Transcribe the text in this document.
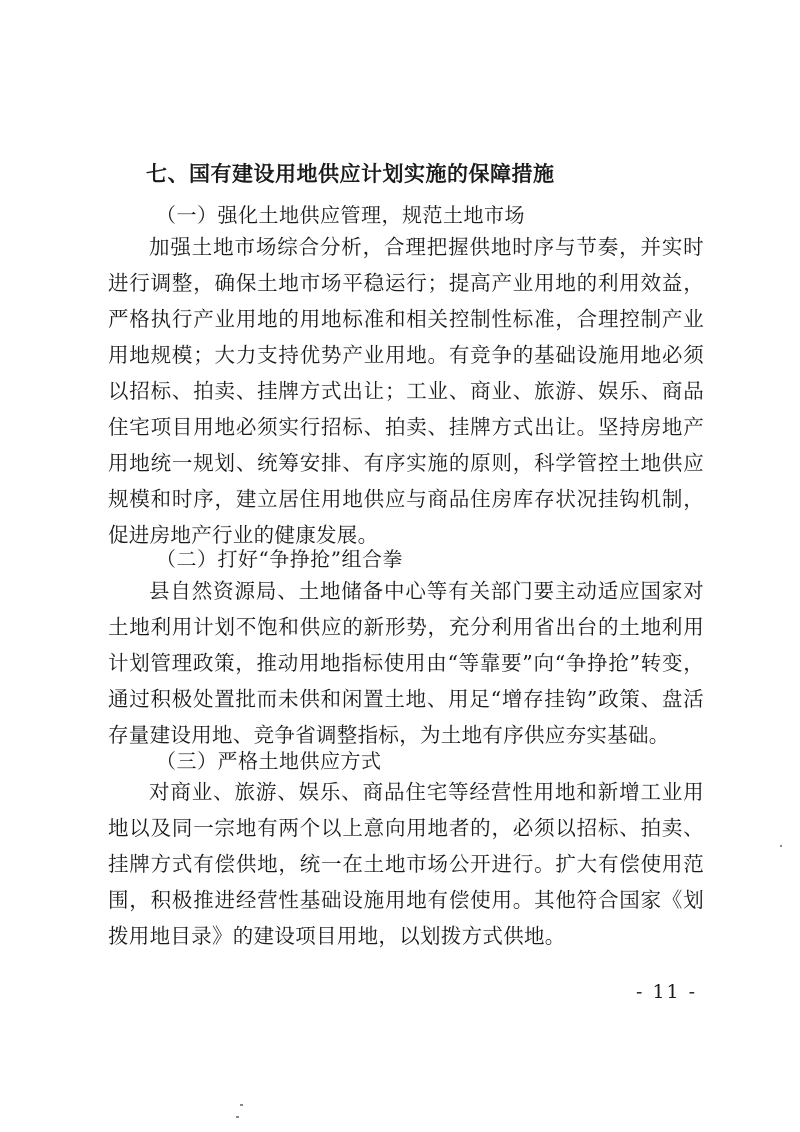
七、国有建设用地供应计划实施的保障措施
（一）强化土地供应管理，规范土地市场
加强土地市场综合分析，合理把握供地时序与节奏，并实时进行调整，确保土地市场平稳运行；提高产业用地的利用效益，严格执行产业用地的用地标准和相关控制性标准，合理控制产业用地规模；大力支持优势产业用地。有竞争的基础设施用地必须以招标、拍卖、挂牌方式出让；工业、商业、旅游、娱乐、商品住宅项目用地必须实行招标、拍卖、挂牌方式出让。坚持房地产用地统一规划、统筹安排、有序实施的原则，科学管控土地供应规模和时序，建立居住用地供应与商品住房库存状况挂钩机制，促进房地产行业的健康发展。
（二）打好“争挣抢”组合拳
县自然资源局、土地储备中心等有关部门要主动适应国家对土地利用计划不饱和供应的新形势，充分利用省出台的土地利用计划管理政策，推动用地指标使用由“等靠要”向“争挣抢”转变，通过积极处置批而未供和闲置土地、用足“增存挂钩”政策、盘活存量建设用地、竞争省调整指标，为土地有序供应夯实基础。
（三）严格土地供应方式
对商业、旅游、娱乐、商品住宅等经营性用地和新增工业用地以及同一宗地有两个以上意向用地者的，必须以招标、拍卖、挂牌方式有偿供地，统一在土地市场公开进行。扩大有偿使用范围，积极推进经营性基础设施用地有偿使用。其他符合国家《划拨用地目录》的建设项目用地，以划拨方式供地。
- 11 -
